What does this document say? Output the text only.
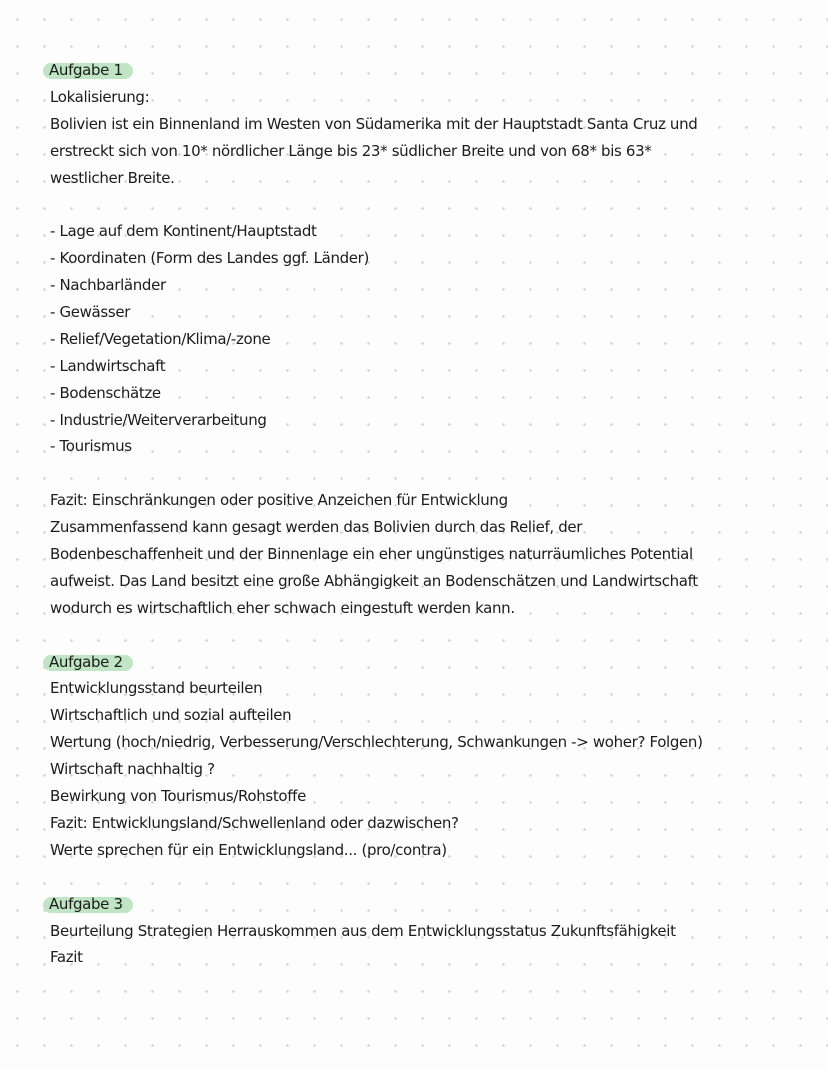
Aufgabe 1
Lokalisierung:
Bolivien ist ein Binnenland im Westen von Südamerika mit der Hauptstadt Santa Cruz und
erstreckt sich von 10* nördlicher Länge bis 23* südlicher Breite und von 68* bis 63*
westlicher Breite.
- Lage auf dem Kontinent/Hauptstadt
- Koordinaten (Form des Landes ggf. Länder)
- Nachbarländer
- Gewässer
- Relief/Vegetation/Klima/-zone
- Landwirtschaft
- Bodenschätze
- Industrie/Weiterverarbeitung
- Tourismus
Fazit: Einschränkungen oder positive Anzeichen für Entwicklung
Zusammenfassend kann gesagt werden das Bolivien durch das Relief, der
Bodenbeschaffenheit und der Binnenlage ein eher ungünstiges naturräumliches Potential
aufweist. Das Land besitzt eine große Abhängigkeit an Bodenschätzen und Landwirtschaft
wodurch es wirtschaftlich eher schwach eingestuft werden kann.
Aufgabe 2
Entwicklungsstand beurteilen
Wirtschaftlich und sozial aufteilen
Wertung (hoch/niedrig, Verbesserung/Verschlechterung, Schwankungen -> woher? Folgen)
Wirtschaft nachhaltig ?
Bewirkung von Tourismus/Rohstoffe
Fazit: Entwicklungsland/Schwellenland oder dazwischen?
Werte sprechen für ein Entwicklungsland... (pro/contra)
Aufgabe 3
Beurteilung Strategien Herrauskommen aus dem Entwicklungsstatus Zukunftsfähigkeit
Fazit
